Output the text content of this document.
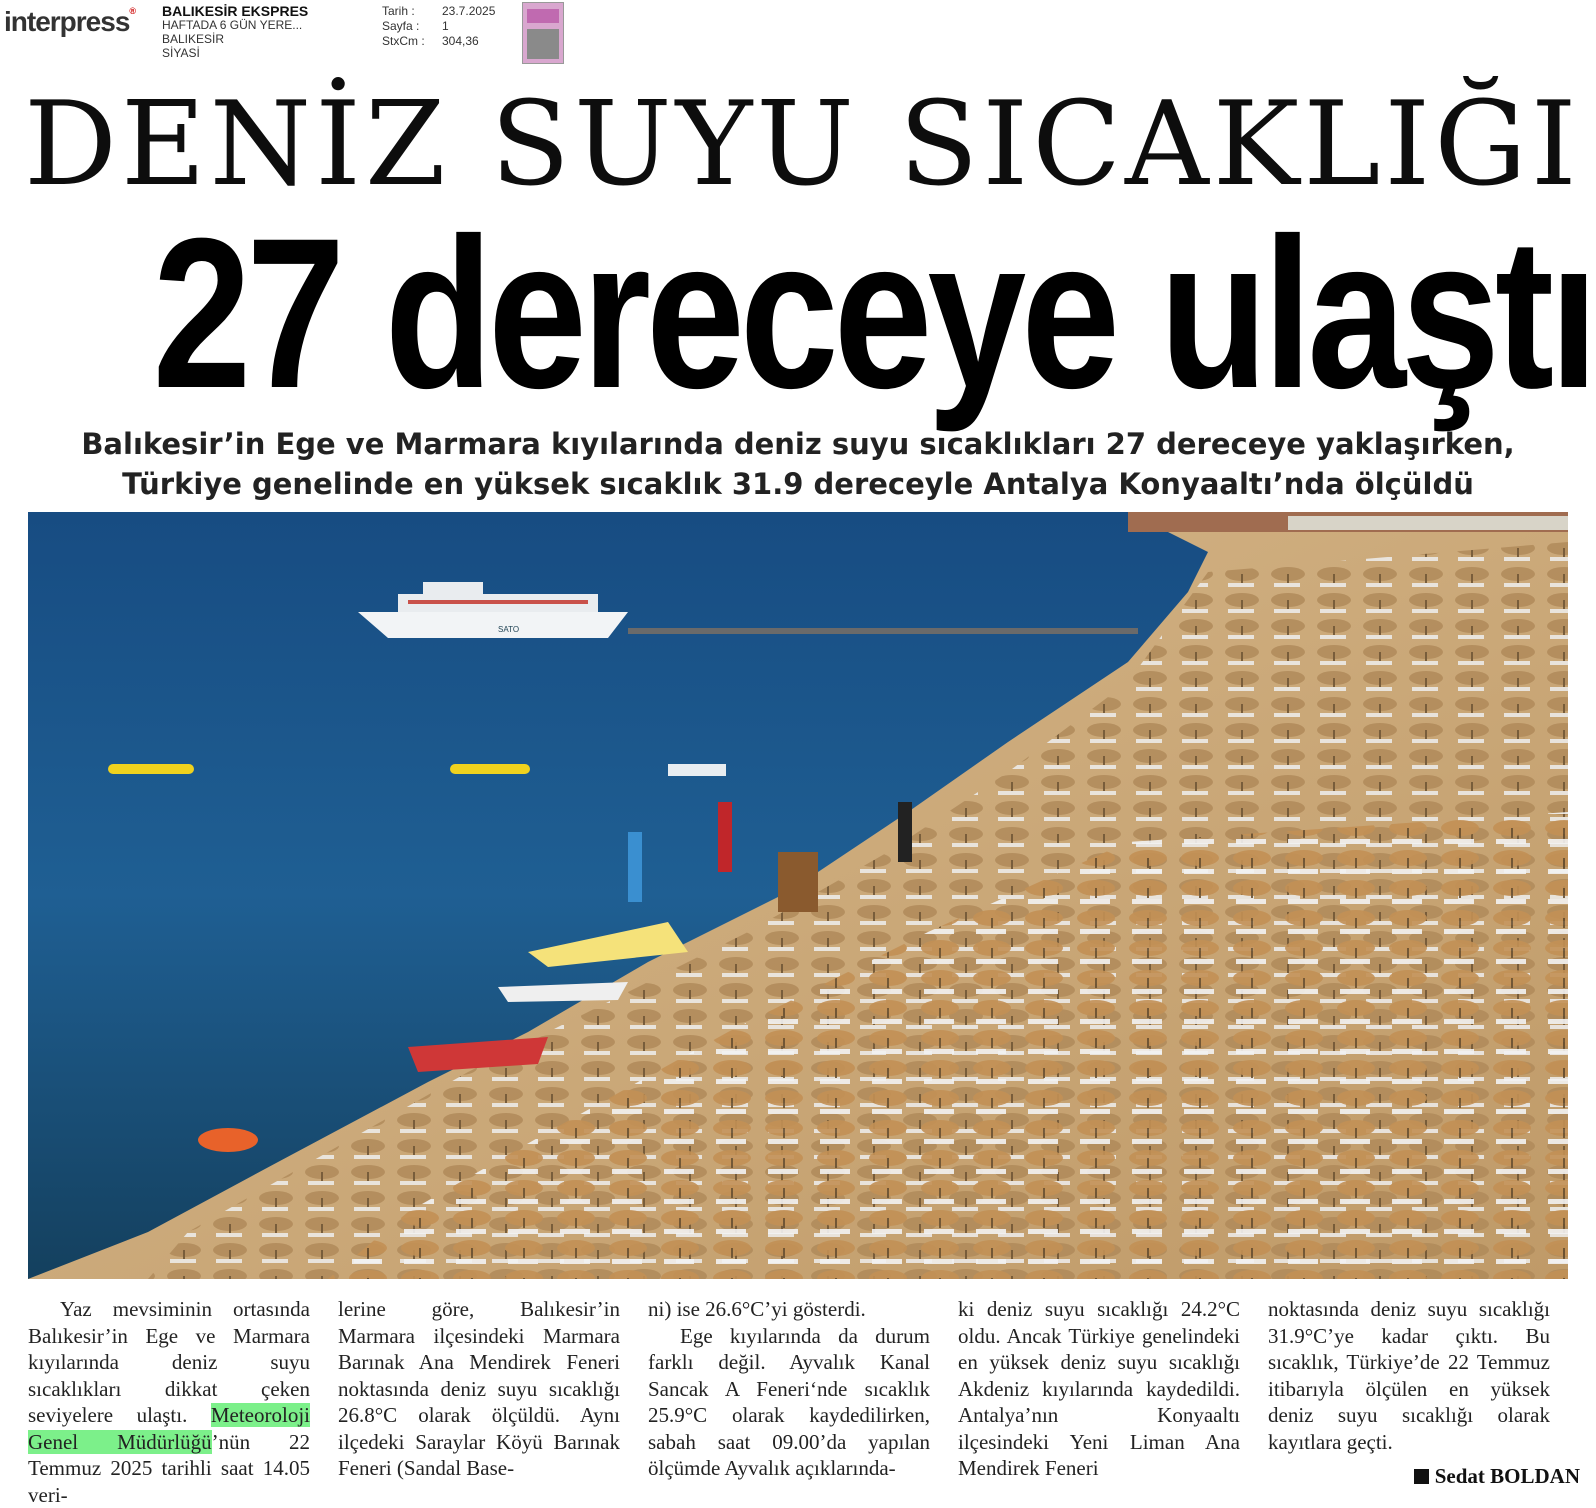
interpress® BALIKESİR EKSPRES
HAFTADA 6 GÜN YERE...
BALIKESİR
SİYASİ
Tarih :	23.7.2025
Sayfa :	1
StxCm :	304,36
DENİZ SUYU SICAKLIĞI
27 dereceye ulaştı
Balıkesir’in Ege ve Marmara kıyılarında deniz suyu sıcaklıkları 27 dereceye yaklaşırken,
Türkiye genelinde en yüksek sıcaklık 31.9 dereceyle Antalya Konyaaltı’nda ölçüldü
SATO
Yaz mevsiminin ortasında Balıkesir’in Ege ve Marmara kıyılarında deniz suyu sıcaklıkları dikkat çeken seviyelere ulaştı. Meteoroloji Genel Müdürlüğü’nün 22 Temmuz 2025 tarihli saat 14.05 veri-
lerine göre, Balıkesir’in Marmara ilçesindeki Marmara Barınak Ana Mendirek Feneri noktasında deniz suyu sıcaklığı 26.8°C olarak ölçüldü. Aynı ilçedeki Saraylar Köyü Barınak Feneri (Sandal Base-
ni) ise 26.6°C’yi gösterdi.
Ege kıyılarında da durum farklı değil. Ayvalık Kanal Sancak A Feneri‘nde sıcaklık 25.9°C olarak kaydedilirken, sabah saat 09.00’da yapılan ölçümde Ayvalık açıklarında-
ki deniz suyu sıcaklığı 24.2°C oldu. Ancak Türkiye genelindeki en yüksek deniz suyu sıcaklığı Akdeniz kıyılarında kaydedildi. Antalya’nın Konyaaltı ilçesindeki Yeni Liman Ana Mendirek Feneri
noktasında deniz suyu sıcaklığı 31.9°C’ye kadar çıktı. Bu sıcaklık, Türkiye’de 22 Temmuz itibarıyla ölçülen en yüksek deniz suyu sıcaklığı olarak kayıtlara geçti.
Sedat BOLDAN
